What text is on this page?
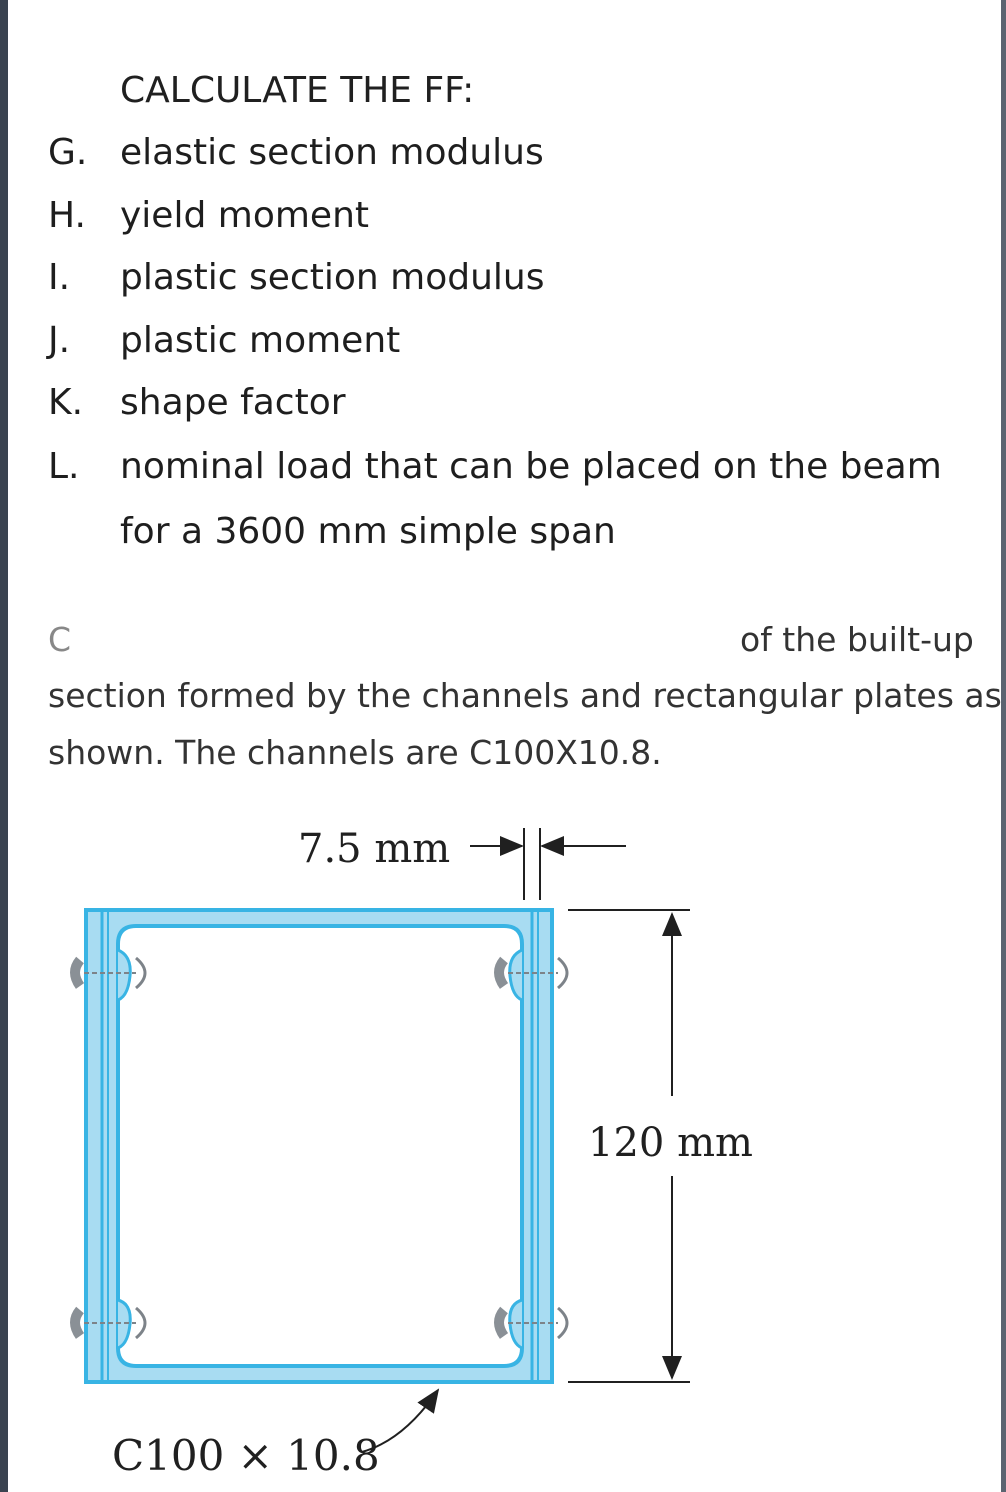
CALCULATE THE FF:
G. elastic section modulus
H. yield moment
I. plastic section modulus
J. plastic moment
K. shape factor
L. nominal load that can be placed on the beam
for a 3600 mm simple span
C	of the built-up
section formed by the channels and rectangular plates as
shown. The channels are C100X10.8.
7.5 mm
120 mm
C100 × 10.8
